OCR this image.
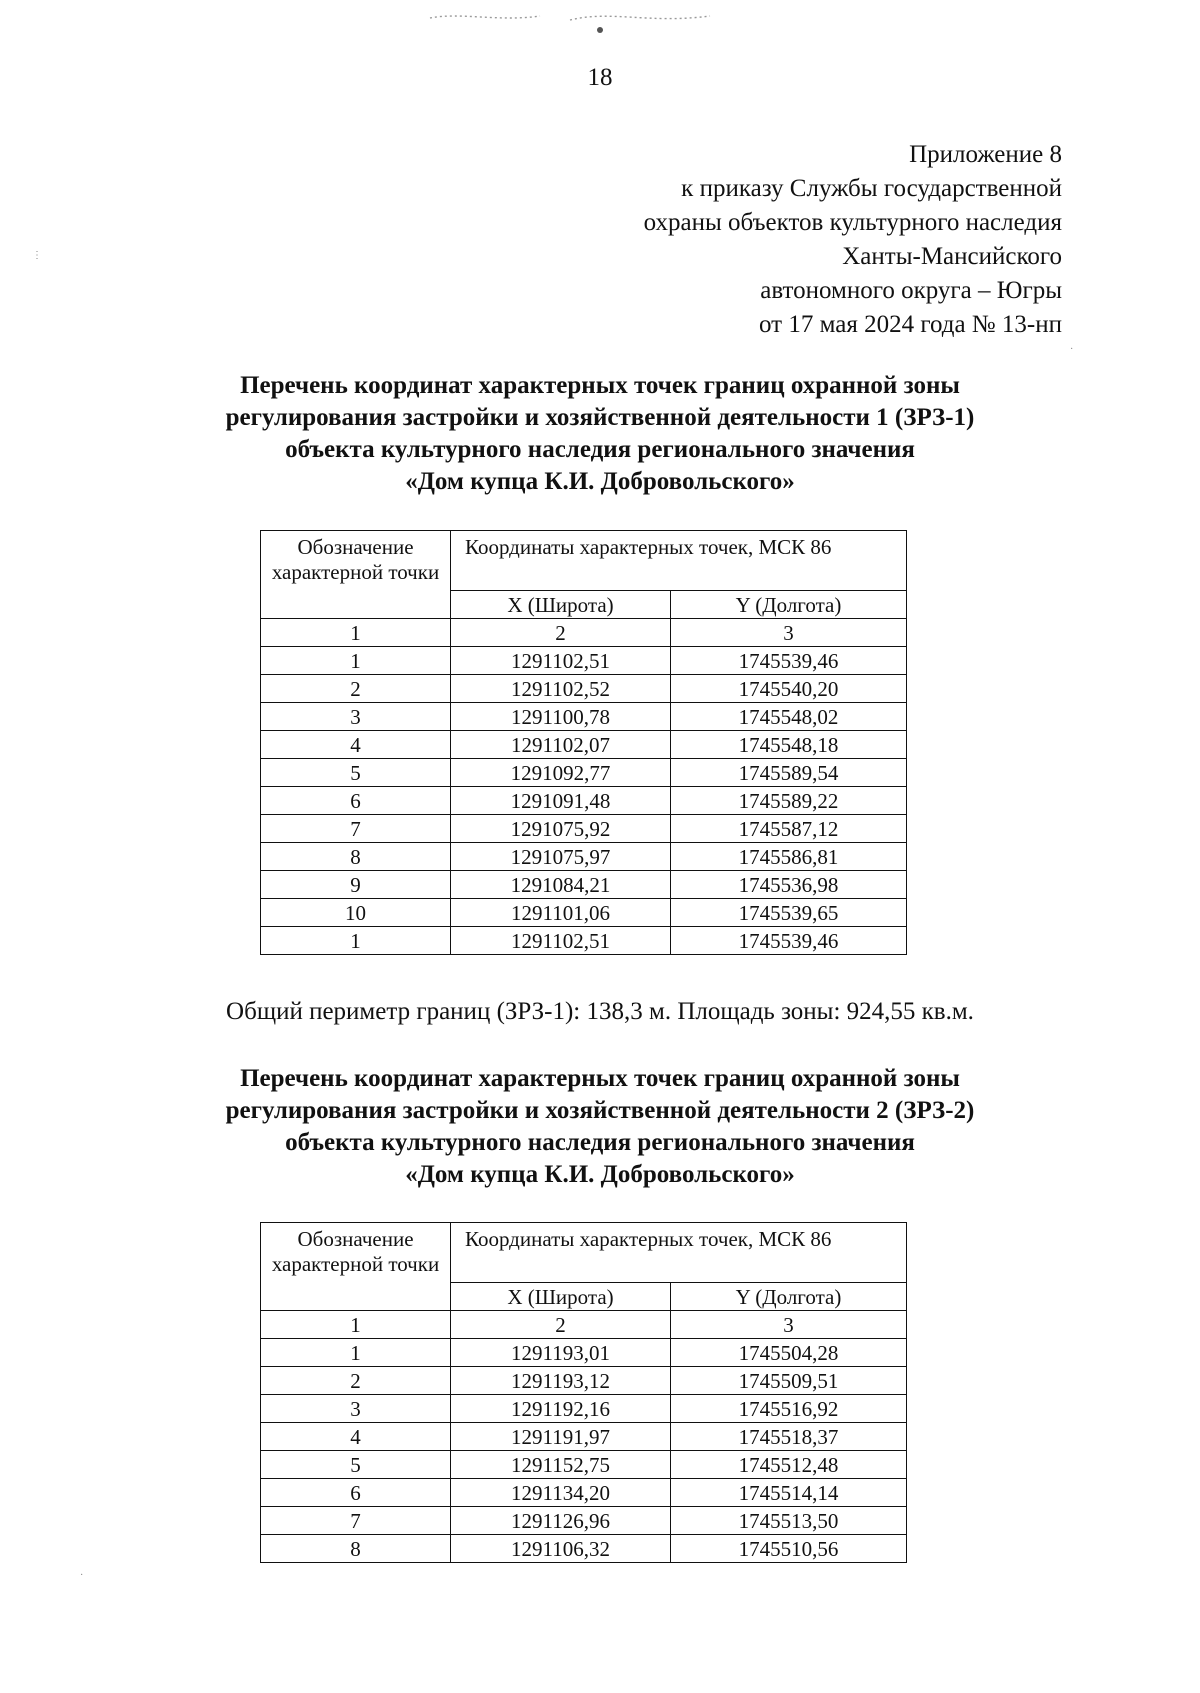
18
Приложение 8
к приказу Службы государственной
охраны объектов культурного наследия
Ханты-Мансийского
автономного округа – Югры
от 17 мая 2024 года № 13-нп
Перечень координат характерных точек границ охранной зоны
регулирования застройки и хозяйственной деятельности 1 (ЗРЗ-1)
объекта культурного наследия регионального значения
«Дом купца К.И. Добровольского»
Обозначение характерной точки	Координаты характерных точек, МСК 86	
	X (Широта)	Y (Долгота)
1	2	3
1	1291102,51	1745539,46
2	1291102,52	1745540,20
3	1291100,78	1745548,02
4	1291102,07	1745548,18
5	1291092,77	1745589,54
6	1291091,48	1745589,22
7	1291075,92	1745587,12
8	1291075,97	1745586,81
9	1291084,21	1745536,98
10	1291101,06	1745539,65
1	1291102,51	1745539,46
Общий периметр границ (ЗРЗ-1): 138,3 м. Площадь зоны: 924,55 кв.м.
Перечень координат характерных точек границ охранной зоны
регулирования застройки и хозяйственной деятельности 2 (ЗРЗ-2)
объекта культурного наследия регионального значения
«Дом купца К.И. Добровольского»
Обозначение характерной точки	Координаты характерных точек, МСК 86	
	X (Широта)	Y (Долгота)
1	2	3
1	1291193,01	1745504,28
2	1291193,12	1745509,51
3	1291192,16	1745516,92
4	1291191,97	1745518,37
5	1291152,75	1745512,48
6	1291134,20	1745514,14
7	1291126,96	1745513,50
8	1291106,32	1745510,56
⋮
·
·
